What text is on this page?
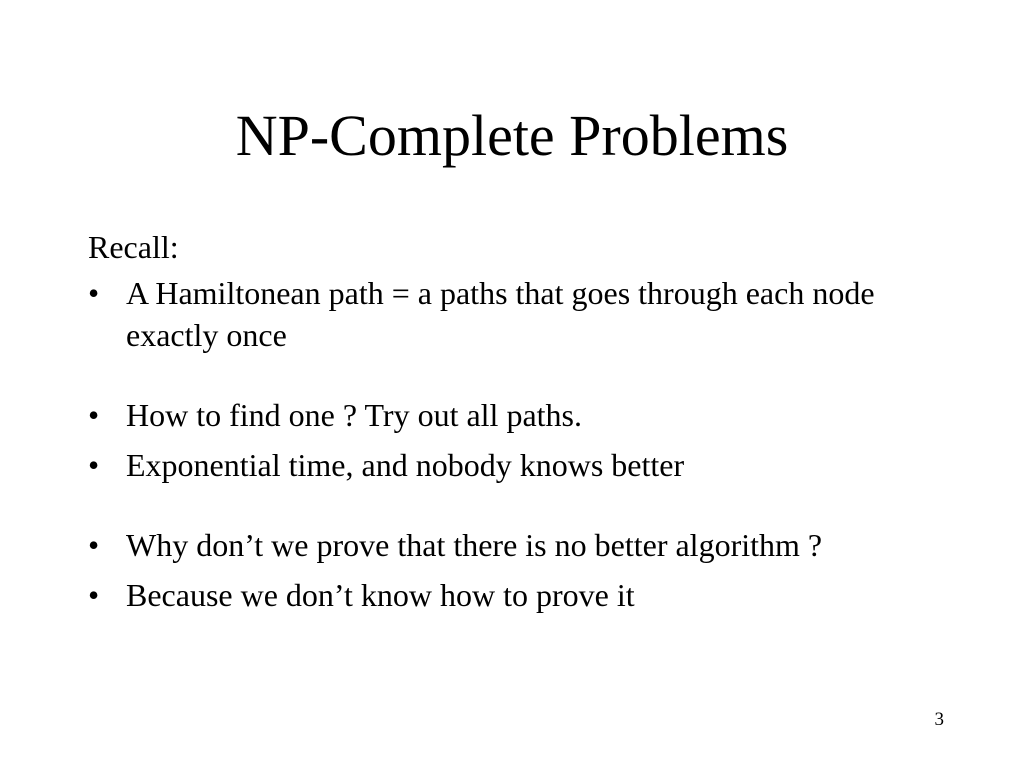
NP-Complete Problems

Recall:

• A Hamiltonean path = a paths that goes through each node exactly once
• How to find one ? Try out all paths.
• Exponential time, and nobody knows better
• Why don’t we prove that there is no better algorithm ?
• Because we don’t know how to prove it
3
